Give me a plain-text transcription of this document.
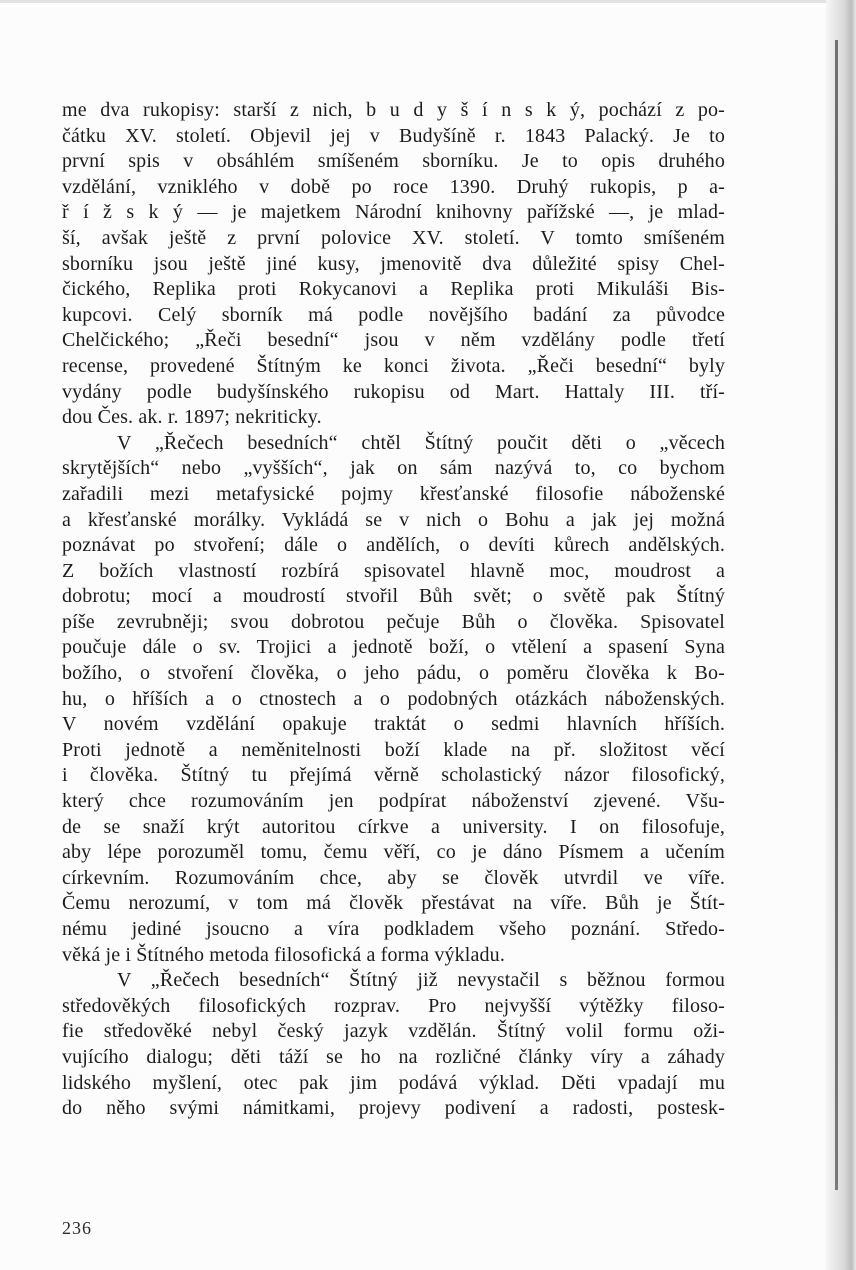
me dva rukopisy: starší z nich, b u d y š í n s k ý, pochází z po-
čátku XV. století. Objevil jej v Budyšíně r. 1843 Palacký. Je to
první spis v obsáhlém smíšeném sborníku. Je to opis druhého
vzdělání, vzniklého v době po roce 1390. Druhý rukopis, p a-
ř í ž s k ý — je majetkem Národní knihovny pařížské —, je mlad-
ší, avšak ještě z první polovice XV. století. V tomto smíšeném
sborníku jsou ještě jiné kusy, jmenovitě dva důležité spisy Chel-
čického, Replika proti Rokycanovi a Replika proti Mikuláši Bis-
kupcovi. Celý sborník má podle novějšího badání za původce
Chelčického; „Řeči besední“ jsou v něm vzdělány podle třetí
recense, provedené Štítným ke konci života. „Řeči besední“ byly
vydány podle budyšínského rukopisu od Mart. Hattaly III. tří-
dou Čes. ak. r. 1897; nekriticky.
V „Řečech besedních“ chtěl Štítný poučit děti o „věcech
skrytějších“ nebo „vyšších“, jak on sám nazývá to, co bychom
zařadili mezi metafysické pojmy křesťanské filosofie náboženské
a křesťanské morálky. Vykládá se v nich o Bohu a jak jej možná
poznávat po stvoření; dále o andělích, o devíti kůrech andělských.
Z božích vlastností rozbírá spisovatel hlavně moc, moudrost a
dobrotu; mocí a moudrostí stvořil Bůh svět; o světě pak Štítný
píše zevrubněji; svou dobrotou pečuje Bůh o člověka. Spisovatel
poučuje dále o sv. Trojici a jednotě boží, o vtělení a spasení Syna
božího, o stvoření člověka, o jeho pádu, o poměru člověka k Bo-
hu, o hříších a o ctnostech a o podobných otázkách náboženských.
V novém vzdělání opakuje traktát o sedmi hlavních hříších.
Proti jednotě a neměnitelnosti boží klade na př. složitost věcí
i člověka. Štítný tu přejímá věrně scholastický názor filosofický,
který chce rozumováním jen podpírat náboženství zjevené. Všu-
de se snaží krýt autoritou církve a university. I on filosofuje,
aby lépe porozuměl tomu, čemu věří, co je dáno Písmem a učením
církevním. Rozumováním chce, aby se člověk utvrdil ve víře.
Čemu nerozumí, v tom má člověk přestávat na víře. Bůh je Štít-
nému jediné jsoucno a víra podkladem všeho poznání. Středo-
věká je i Štítného metoda filosofická a forma výkladu.
V „Řečech besedních“ Štítný již nevystačil s běžnou formou
středověkých filosofických rozprav. Pro nejvyšší výtěžky filoso-
fie středověké nebyl český jazyk vzdělán. Štítný volil formu oži-
vujícího dialogu; děti táží se ho na rozličné články víry a záhady
lidského myšlení, otec pak jim podává výklad. Děti vpadají mu
do něho svými námitkami, projevy podivení a radosti, postesk-
236
